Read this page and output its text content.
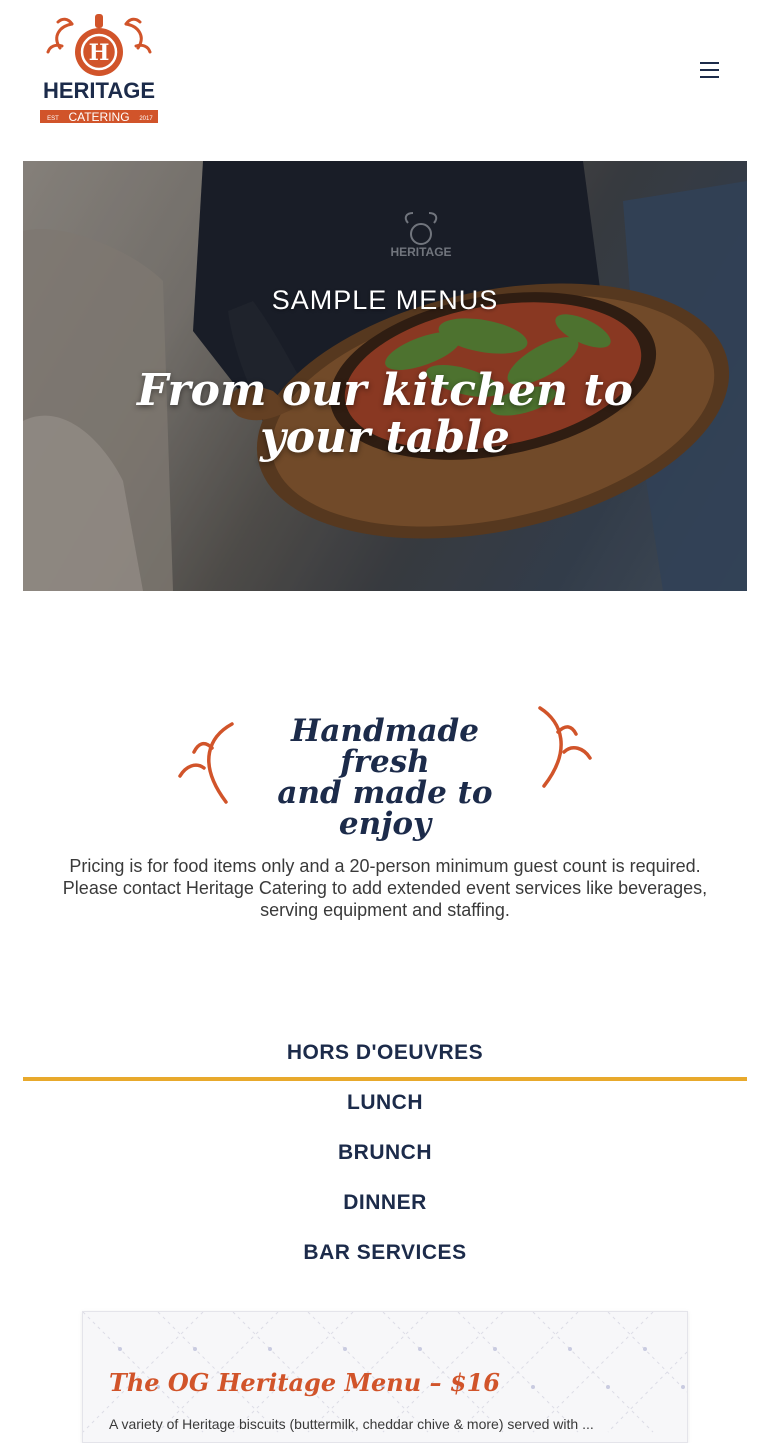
H
HERITAGE
EST CATERING 2017
HERITAGE
SAMPLE MENUS
From our kitchen to
your table
Handmade fresh
and made to
enjoy
Pricing is for food items only and a 20-person minimum guest count is required. Please contact Heritage Catering to add extended event services like beverages, serving equipment and staffing.
HORS D'OEUVRES
LUNCH
BRUNCH
DINNER
BAR SERVICES
The OG Heritage Menu – $16
A variety of Heritage biscuits (buttermilk, cheddar chive & more) served with ...
